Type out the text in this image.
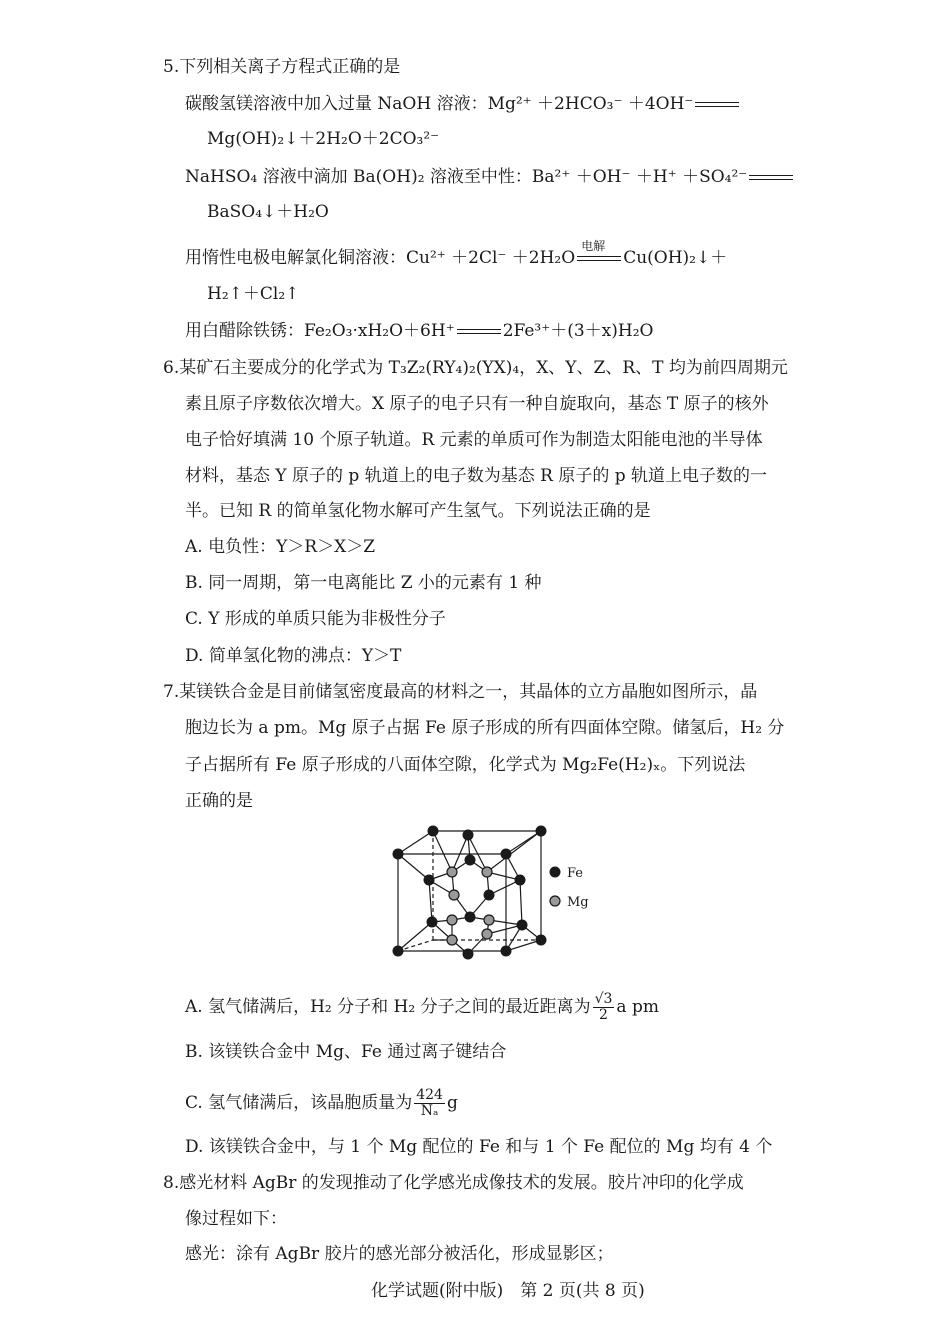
5.下列相关离子方程式正确的是
碳酸氢镁溶液中加入过量 NaOH 溶液：Mg²⁺ ＋2HCO₃⁻ ＋4OH⁻
Mg(OH)₂↓＋2H₂O＋2CO₃²⁻
NaHSO₄ 溶液中滴加 Ba(OH)₂ 溶液至中性：Ba²⁺ ＋OH⁻ ＋H⁺ ＋SO₄²⁻
BaSO₄↓＋H₂O
用惰性电极电解氯化铜溶液：Cu²⁺ ＋2Cl⁻ ＋2H₂O
电解
Cu(OH)₂↓＋
H₂↑＋Cl₂↑
用白醋除铁锈：Fe₂O₃·xH₂O＋6H⁺	2Fe³⁺＋(3＋x)H₂O
6.某矿石主要成分的化学式为 T₃Z₂(RY₄)₂(YX)₄，X、Y、Z、R、T 均为前四周期元
素且原子序数依次增大。X 原子的电子只有一种自旋取向，基态 T 原子的核外
电子恰好填满 10 个原子轨道。R 元素的单质可作为制造太阳能电池的半导体
材料，基态 Y 原子的 p 轨道上的电子数为基态 R 原子的 p 轨道上电子数的一
半。已知 R 的简单氢化物水解可产生氢气。下列说法正确的是
A. 电负性：Y＞R＞X＞Z
B. 同一周期，第一电离能比 Z 小的元素有 1 种
C. Y 形成的单质只能为非极性分子
D. 简单氢化物的沸点：Y＞T
7.某镁铁合金是目前储氢密度最高的材料之一，其晶体的立方晶胞如图所示，晶
胞边长为 a pm。Mg 原子占据 Fe 原子形成的所有四面体空隙。储氢后，H₂ 分
子占据所有 Fe 原子形成的八面体空隙，化学式为 Mg₂Fe(H₂)ₓ。下列说法
正确的是
Fe
Mg
A. 氢气储满后，H₂ 分子和 H₂ 分子之间的最近距离为 $\frac{√3}{2}$ a pm
B. 该镁铁合金中 Mg、Fe 通过离子键结合
C. 氢气储满后，该晶胞质量为 $\frac{424}{\text{Nₐ}}$ g
D. 该镁铁合金中，与 1 个 Mg 配位的 Fe 和与 1 个 Fe 配位的 Mg 均有 4 个
8.感光材料 AgBr 的发现推动了化学感光成像技术的发展。胶片冲印的化学成
像过程如下：
感光：涂有 AgBr 胶片的感光部分被活化，形成显影区；
化学试题(附中版)　第 2 页(共 8 页)
